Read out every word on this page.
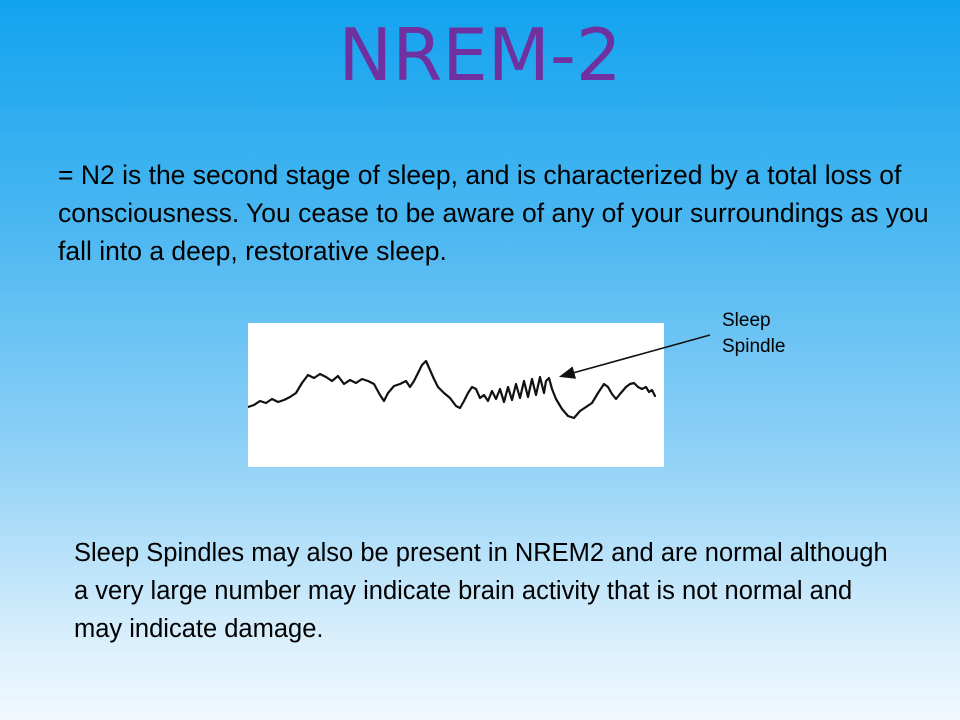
NREM-2

= N2 is the second stage of sleep, and is characterized by a total loss of consciousness. You cease to be aware of any of your surroundings as you fall into a deep, restorative sleep.

Sleep
Spindle

Sleep Spindles may also be present in NREM2 and are normal although a very large number may indicate brain activity that is not normal and may indicate damage.
